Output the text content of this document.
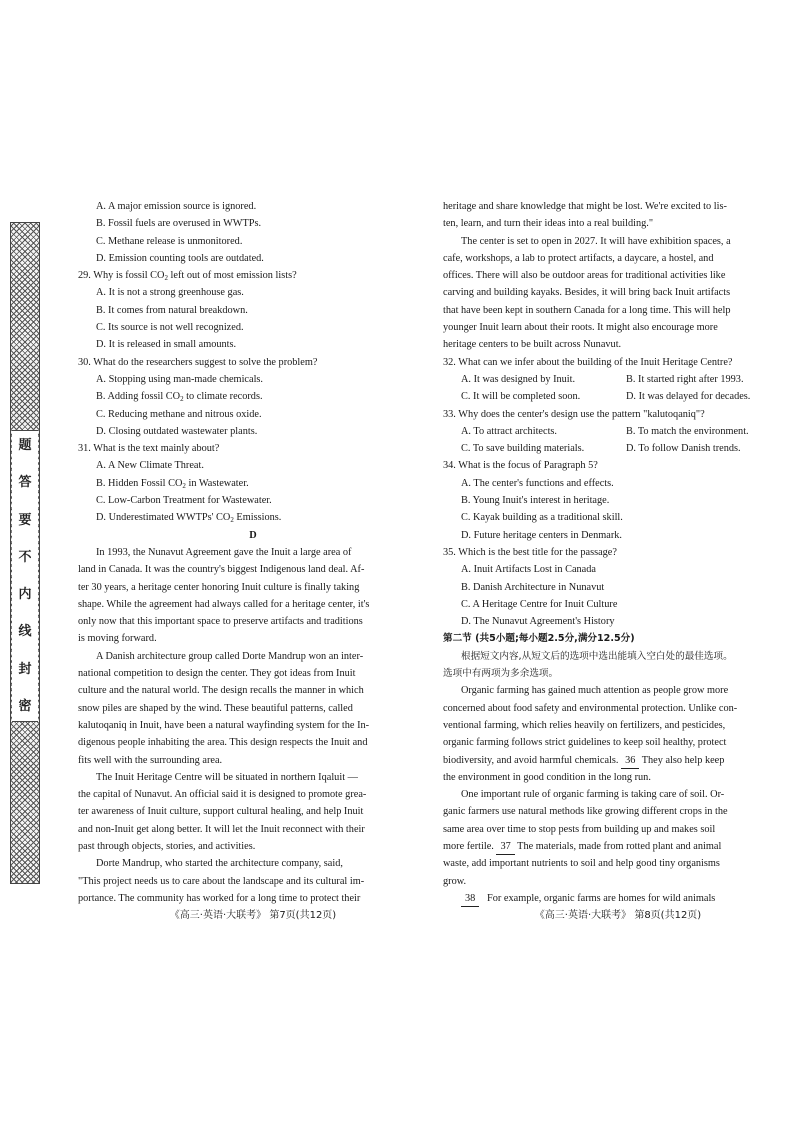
题
答
要
不
内
线
封
密
A. A major emission source is ignored.
B. Fossil fuels are overused in WWTPs.
C. Methane release is unmonitored.
D. Emission counting tools are outdated.
29. Why is fossil $CO_2$ left out of most emission lists?
A. It is not a strong greenhouse gas.
B. It comes from natural breakdown.
C. Its source is not well recognized.
D. It is released in small amounts.
30. What do the researchers suggest to solve the problem?
A. Stopping using man-made chemicals.
B. Adding fossil $CO_2$ to climate records.
C. Reducing methane and nitrous oxide.
D. Closing outdated wastewater plants.
31. What is the text mainly about?
A. A New Climate Threat.
B. Hidden Fossil $CO_2$ in Wastewater.
C. Low-Carbon Treatment for Wastewater.
D. Underestimated WWTPs' $CO_2$ Emissions.
D
In 1993, the Nunavut Agreement gave the Inuit a large area of
land in Canada. It was the country's biggest Indigenous land deal. Af-
ter 30 years, a heritage center honoring Inuit culture is finally taking
shape. While the agreement had always called for a heritage center, it's
only now that this important space to preserve artifacts and traditions
is moving forward.
A Danish architecture group called Dorte Mandrup won an inter-
national competition to design the center. They got ideas from Inuit
culture and the natural world. The design recalls the manner in which
snow piles are shaped by the wind. These beautiful patterns, called
kalutoqaniq in Inuit, have been a natural wayfinding system for the In-
digenous people inhabiting the area. This design respects the Inuit and
fits well with the surrounding area.
The Inuit Heritage Centre will be situated in northern Iqaluit —
the capital of Nunavut. An official said it is designed to promote grea-
ter awareness of Inuit culture, support cultural healing, and help Inuit
and non-Inuit get along better. It will let the Inuit reconnect with their
past through objects, stories, and activities.
Dorte Mandrup, who started the architecture company, said,
"This project needs us to care about the landscape and its cultural im-
portance. The community has worked for a long time to protect their
《高三·英语·大联考》 第7页(共12页)
heritage and share knowledge that might be lost. We're excited to lis-
ten, learn, and turn their ideas into a real building."
The center is set to open in 2027. It will have exhibition spaces, a
cafe, workshops, a lab to protect artifacts, a daycare, a hostel, and
offices. There will also be outdoor areas for traditional activities like
carving and building kayaks. Besides, it will bring back Inuit artifacts
that have been kept in southern Canada for a long time. This will help
younger Inuit learn about their roots. It might also encourage more
heritage centers to be built across Nunavut.
32. What can we infer about the building of the Inuit Heritage Centre?
A. It was designed by Inuit.	B. It started right after 1993.
C. It will be completed soon.	D. It was delayed for decades.
33. Why does the center's design use the pattern "kalutoqaniq"?
A. To attract architects.	B. To match the environment.
C. To save building materials.	D. To follow Danish trends.
34. What is the focus of Paragraph 5?
A. The center's functions and effects.
B. Young Inuit's interest in heritage.
C. Kayak building as a traditional skill.
D. Future heritage centers in Denmark.
35. Which is the best title for the passage?
A. Inuit Artifacts Lost in Canada
B. Danish Architecture in Nunavut
C. A Heritage Centre for Inuit Culture
D. The Nunavut Agreement's History
第二节 (共5小题;每小题2.5分,满分12.5分)
根据短文内容,从短文后的选项中选出能填入空白处的最佳选项。
选项中有两项为多余选项。
Organic farming has gained much attention as people grow more
concerned about food safety and environmental protection. Unlike con-
ventional farming, which relies heavily on fertilizers, and pesticides,
organic farming follows strict guidelines to keep soil healthy, protect
biodiversity, and avoid harmful chemicals. 36 They also help keep
the environment in good condition in the long run.
One important rule of organic farming is taking care of soil. Or-
ganic farmers use natural methods like growing different crops in the
same area over time to stop pests from building up and makes soil
more fertile. 37 The materials, made from rotted plant and animal
waste, add important nutrients to soil and help good tiny organisms
grow.
38 For example, organic farms are homes for wild animals
《高三·英语·大联考》 第8页(共12页)
